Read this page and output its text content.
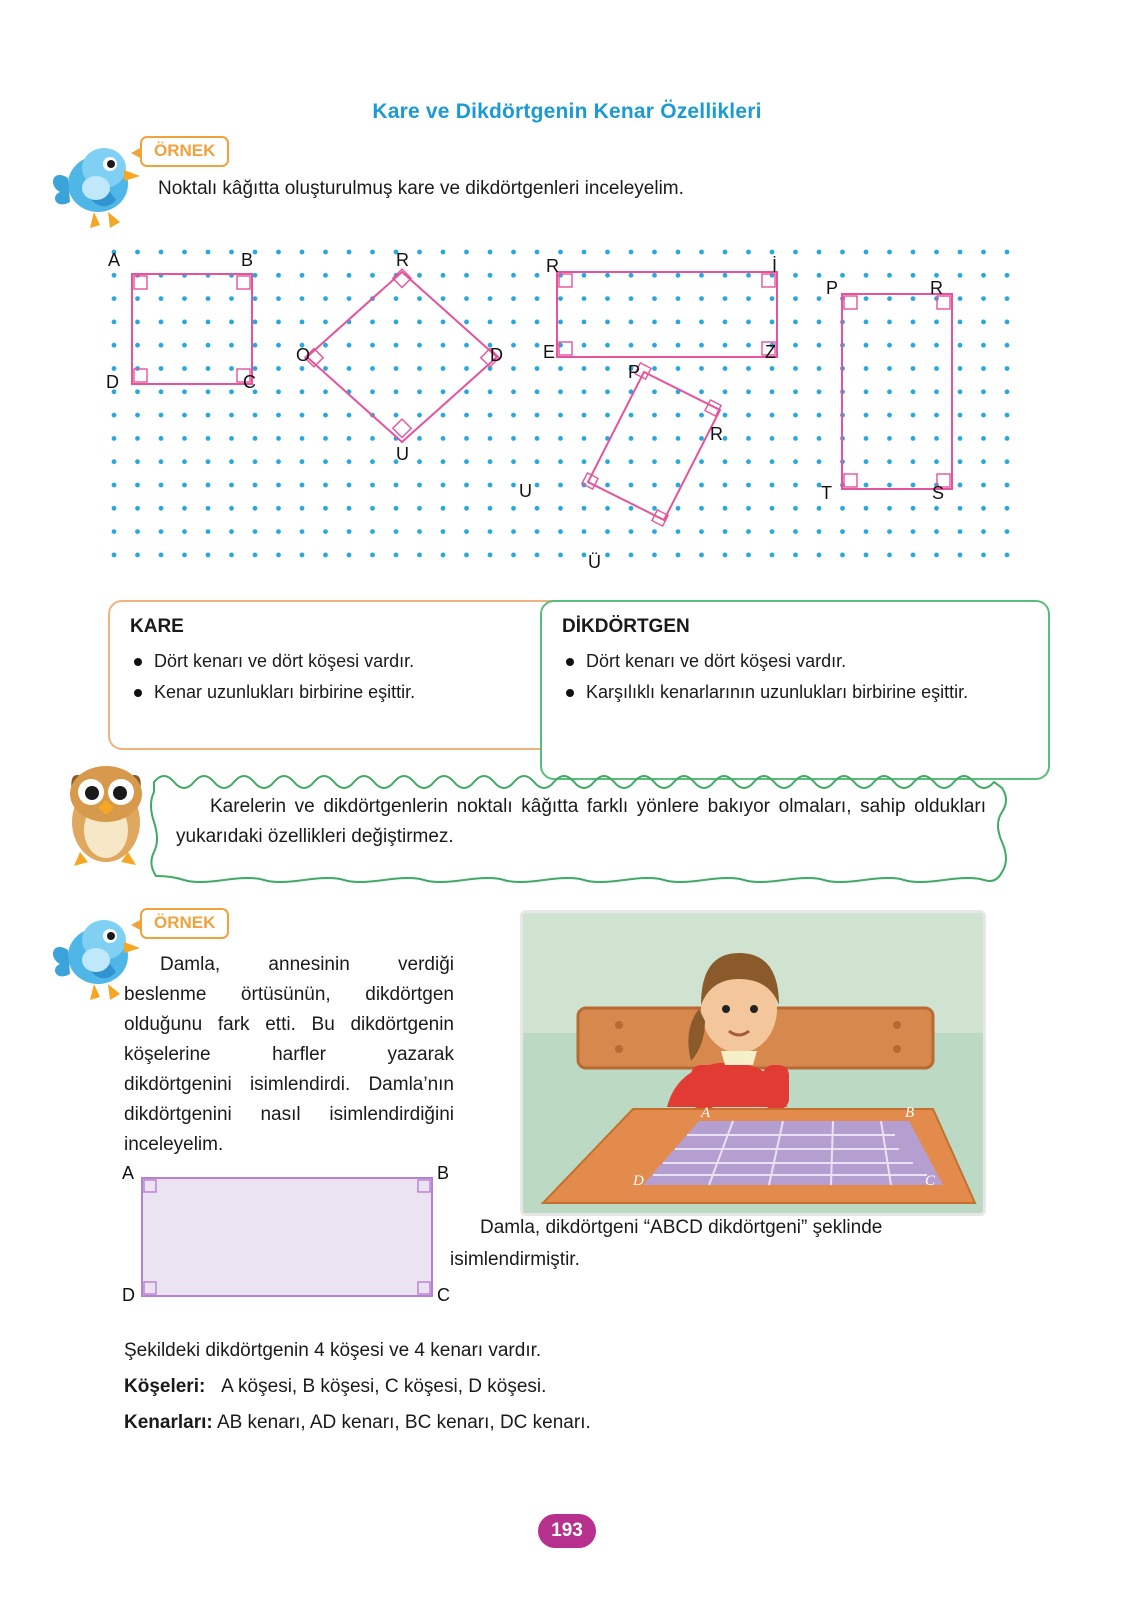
Kare ve Dikdörtgenin Kenar Özellikleri
ÖRNEK
Noktalı kâğıtta oluşturulmuş kare ve dikdörtgenleri inceleyelim.
A	B
D	C
R
O	D
U
R	İ
E	Z
P
R
U
Ü
P	R
T	S
KARE
Dört kenarı ve dört köşesi vardır.
Kenar uzunlukları birbirine eşittir.
DİKDÖRTGEN
Dört kenarı ve dört köşesi vardır.
Karşılıklı kenarlarının uzunlukları birbirine eşittir.
Karelerin ve dikdörtgenlerin noktalı kâğıtta farklı yönlere bakıyor olmaları, sahip oldukları yukarıdaki özellikleri değiştirmez.
ÖRNEK
Damla, annesinin verdiği beslenme örtüsünün, dikdörtgen olduğunu fark etti. Bu dikdörtgenin köşelerine harfler yazarak dikdörtgenini isimlendirdi. Damla’nın dikdörtgenini nasıl isimlendirdiğini inceleyelim.
A	B
C
D
Damla, dikdörtgeni “ABCD dikdörtgeni” şeklinde isimlendirmiştir.
A	B
D	C
Şekildeki dikdörtgenin 4 köşesi ve 4 kenarı vardır.
Köşeleri: A köşesi, B köşesi, C köşesi, D köşesi.
Kenarları: AB kenarı, AD kenarı, BC kenarı, DC kenarı.
193
